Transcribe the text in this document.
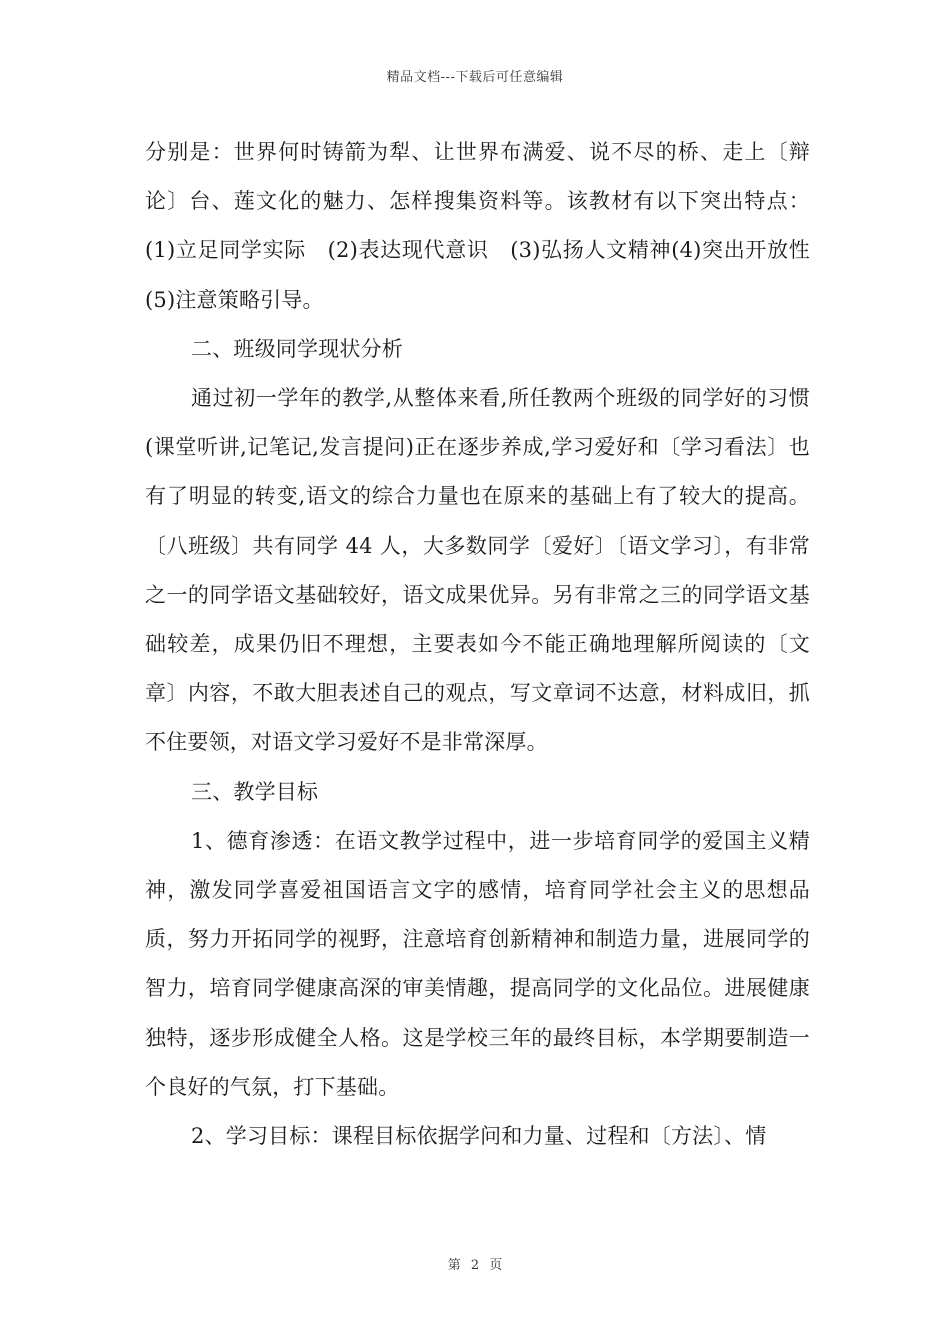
精品文档---下载后可任意编辑

分别是：世界何时铸箭为犁、让世界布满爱、说不尽的桥、走上〔辩论〕台、莲文化的魅力、怎样搜集资料等。该教材有以下突出特点：(1)立足同学实际　(2)表达现代意识　(3)弘扬人文精神(4)突出开放性　(5)注意策略引导。

二、班级同学现状分析

通过初一学年的教学,从整体来看,所任教两个班级的同学好的习惯(课堂听讲,记笔记,发言提问)正在逐步养成,学习爱好和〔学习看法〕也有了明显的转变,语文的综合力量也在原来的基础上有了较大的提高。〔八班级〕共有同学 44 人，大多数同学〔爱好〕〔语文学习〕，有非常之一的同学语文基础较好，语文成果优异。另有非常之三的同学语文基础较差，成果仍旧不理想，主要表如今不能正确地理解所阅读的〔文章〕内容，不敢大胆表述自己的观点，写文章词不达意，材料成旧，抓不住要领，对语文学习爱好不是非常深厚。

三、教学目标

1、德育渗透：在语文教学过程中，进一步培育同学的爱国主义精神，激发同学喜爱祖国语言文字的感情，培育同学社会主义的思想品质，努力开拓同学的视野，注意培育创新精神和制造力量，进展同学的智力，培育同学健康高深的审美情趣，提高同学的文化品位。进展健康独特，逐步形成健全人格。这是学校三年的最终目标，本学期要制造一个良好的气氛，打下基础。

2、学习目标：课程目标依据学问和力量、过程和〔方法〕、情

第 2 页
